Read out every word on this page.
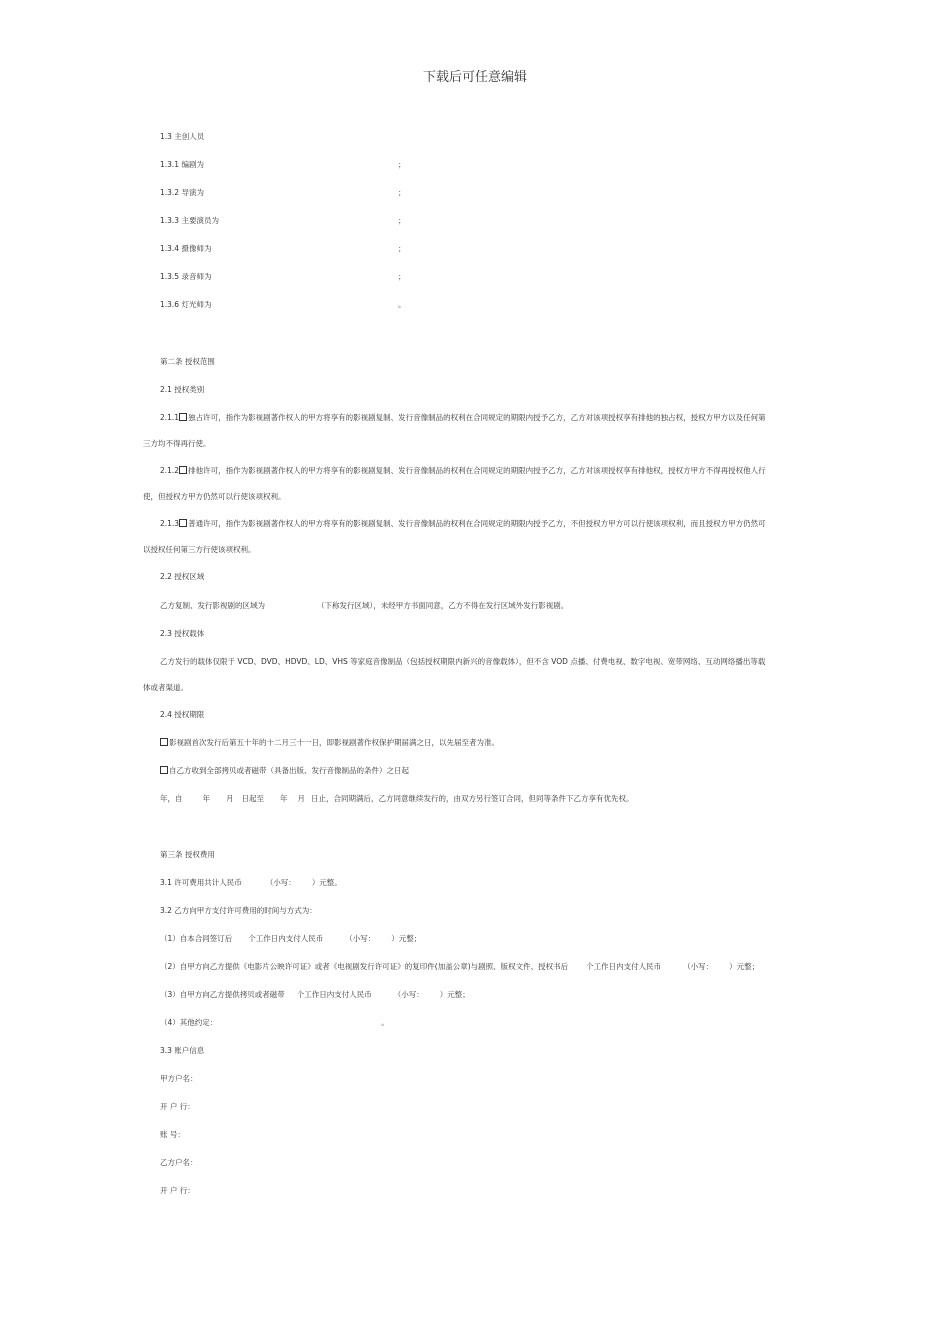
下载后可任意编辑
1.3 主创人员
1.3.1 编剧为	；
1.3.2 导演为	；
1.3.3 主要演员为	；
1.3.4 摄像师为	；
1.3.5 录音师为	；
1.3.6 灯光师为	。
第二条 授权范围
2.1 授权类别
2.1.1 独占许可，指作为影视剧著作权人的甲方将享有的影视剧复制、发行音像制品的权利在合同规定的期限内授予乙方，乙方对该项授权享有排他的独占权，授权方甲方以及任何第
三方均不得再行使。
2.1.2 排他许可，指作为影视剧著作权人的甲方将享有的影视剧复制、发行音像制品的权利在合同规定的期限内授予乙方，乙方对该项授权享有排他权，授权方甲方不得再授权他人行
使，但授权方甲方仍然可以行使该项权利。
2.1.3 普通许可，指作为影视剧著作权人的甲方将享有的影视剧复制、发行音像制品的权利在合同规定的期限内授予乙方，不但授权方甲方可以行使该项权利，而且授权方甲方仍然可
以授权任何第三方行使该项权利。
2.2 授权区域
乙方复制、发行影视剧的区域为	（下称发行区域），未经甲方书面同意，乙方不得在发行区域外发行影视剧。
2.3 授权载体
乙方发行的载体仅限于 VCD、DVD、HDVD、LD、VHS 等家庭音像制品（包括授权期限内新兴的音像载体），但不含 VOD 点播、付费电视、数字电视、宽带网络、互动网络播出等载
体或者渠道。
2.4 授权期限
影视剧首次发行后第五十年的十二月三十一日，即影视剧著作权保护期届满之日，以先届至者为准。
自乙方收到全部拷贝或者磁带（具备出版、发行音像制品的条件）之日起
年，自	年 月 日起至 年 月 日止，合同期满后，乙方同意继续发行的，由双方另行签订合同，但同等条件下乙方享有优先权。
第三条 授权费用
3.1 许可费用共计人民币	（小写： ）元整。
3.2 乙方向甲方支付许可费用的时间与方式为：
（1）自本合同签订后 个工作日内支付人民币	（小写： ）元整；
（2）自甲方向乙方提供《电影片公映许可证》或者《电视剧发行许可证》的复印件(加盖公章)与剧照、版权文件、授权书后 个工作日内支付人民币	（小写： ）元整；
（3）自甲方向乙方提供拷贝或者磁带 个工作日内支付人民币	（小写： ）元整；
（4）其他约定：	。
3.3 账户信息
甲方户名：
开 户 行：
账 号：
乙方户名：
开 户 行：
